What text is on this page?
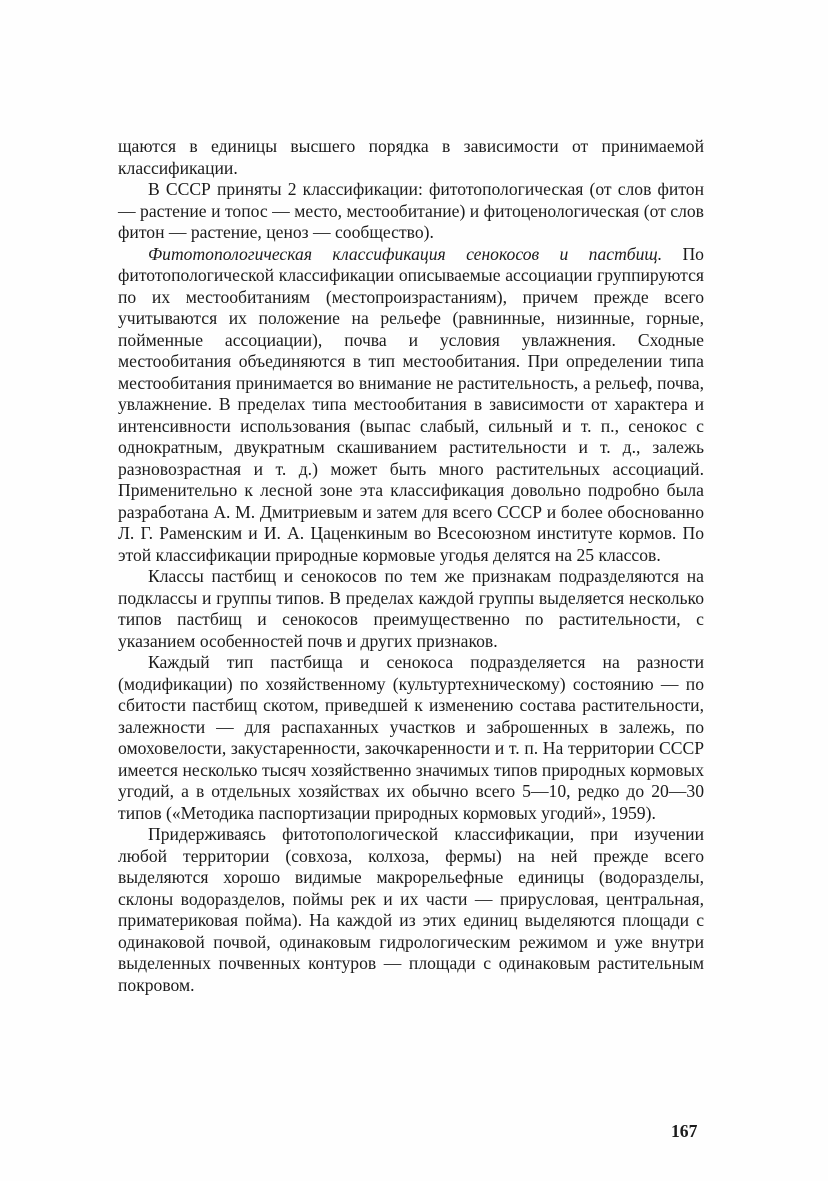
щаются в единицы высшего порядка в зависимости от принимаемой классификации.

В СССР приняты 2 классификации: фитотопологическая (от слов фитон — растение и топос — место, местообитание) и фитоценологическая (от слов фитон — растение, ценоз — сообщество).

Фитотопологическая классификация сенокосов и пастбищ. По фитотопологической классификации описываемые ассоциации группируются по их местообитаниям (местопроизрастаниям), причем прежде всего учитываются их положение на рельефе (равнинные, низинные, горные, пойменные ассоциации), почва и условия увлажнения. Сходные местообитания объединяются в тип местообитания. При определении типа местообитания принимается во внимание не растительность, а рельеф, почва, увлажнение. В пределах типа местообитания в зависимости от характера и интенсивности использования (выпас слабый, сильный и т. п., сенокос с однократным, двукратным скашиванием растительности и т. д., залежь разновозрастная и т. д.) может быть много растительных ассоциаций. Применительно к лесной зоне эта классификация довольно подробно была разработана А. М. Дмитриевым и затем для всего СССР и более обоснованно Л. Г. Раменским и И. А. Цаценкиным во Всесоюзном институте кормов. По этой классификации природные кормовые угодья делятся на 25 классов.

Классы пастбищ и сенокосов по тем же признакам подразделяются на подклассы и группы типов. В пределах каждой группы выделяется несколько типов пастбищ и сенокосов преимущественно по растительности, с указанием особенностей почв и других признаков.

Каждый тип пастбища и сенокоса подразделяется на разности (модификации) по хозяйственному (культуртехническому) состоянию — по сбитости пастбищ скотом, приведшей к изменению состава растительности, залежности — для распаханных участков и заброшенных в залежь, по омоховелости, закустаренности, закочкаренности и т. п. На территории СССР имеется несколько тысяч хозяйственно значимых типов природных кормовых угодий, а в отдельных хозяйствах их обычно всего 5—10, редко до 20—30 типов («Методика паспортизации природных кормовых угодий», 1959).

Придерживаясь фитотопологической классификации, при изучении любой территории (совхоза, колхоза, фермы) на ней прежде всего выделяются хорошо видимые макрорельефные единицы (водоразделы, склоны водоразделов, поймы рек и их части — прирусловая, центральная, приматериковая пойма). На каждой из этих единиц выделяются площади с одинаковой почвой, одинаковым гидрологическим режимом и уже внутри выделенных почвенных контуров — площади с одинаковым растительным покровом.

167
